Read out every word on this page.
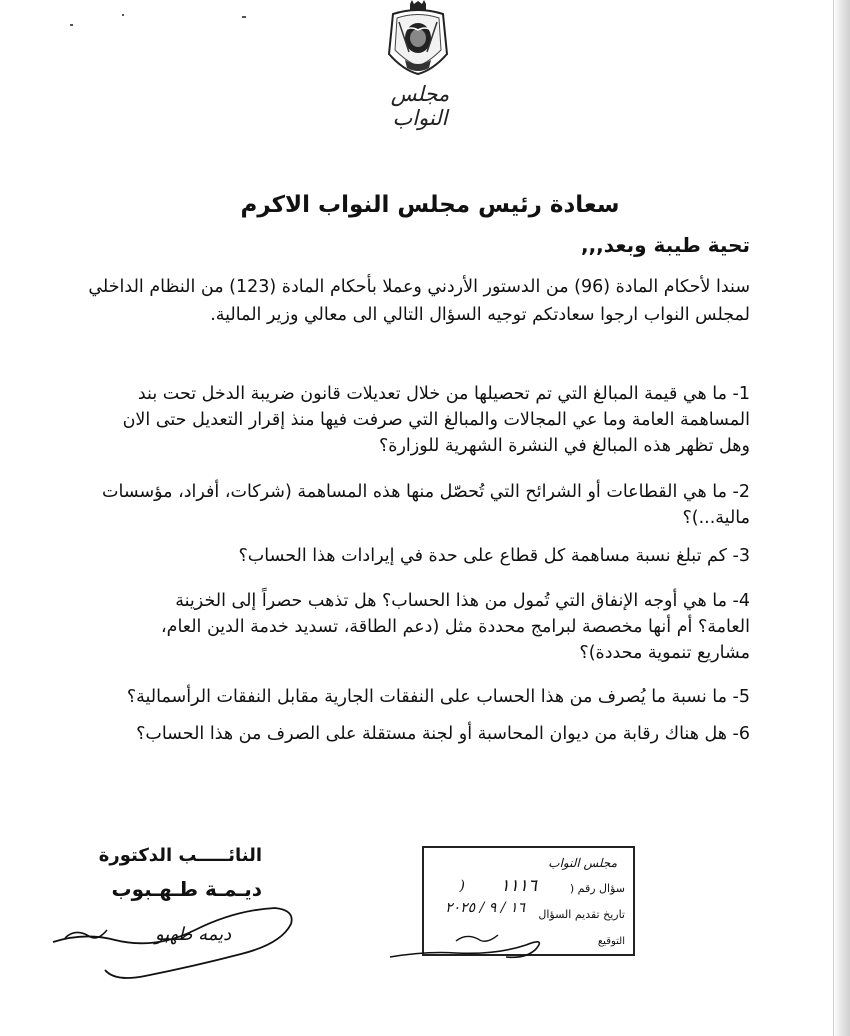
مجلس النواب
سعادة رئيس مجلس النواب الاكرم
تحية طيبة وبعد,,,
سندا لأحكام المادة (96) من الدستور الأردني وعملا بأحكام المادة (123) من النظام الداخلي
لمجلس النواب ارجوا سعادتكم توجيه السؤال التالي الى معالي وزير المالية.
1- ما هي قيمة المبالغ التي تم تحصيلها من خلال تعديلات قانون ضريبة الدخل تحت بند
المساهمة العامة وما عي المجالات والمبالغ التي صرفت فيها منذ إقرار التعديل حتى الان
وهل تظهر هذه المبالغ في النشرة الشهرية للوزارة؟
2- ما هي القطاعات أو الشرائح التي تُحصّل منها هذه المساهمة (شركات، أفراد، مؤسسات
مالية...)؟
3- كم تبلغ نسبة مساهمة كل قطاع على حدة في إيرادات هذا الحساب؟
4- ما هي أوجه الإنفاق التي تُمول من هذا الحساب؟ هل تذهب حصراً إلى الخزينة
العامة؟ أم أنها مخصصة لبرامج محددة مثل (دعم الطاقة، تسديد خدمة الدين العام،
مشاريع تنموية محددة)؟
5- ما نسبة ما يُصرف من هذا الحساب على النفقات الجارية مقابل النفقات الرأسمالية؟
6- هل هناك رقابة من ديوان المحاسبة أو لجنة مستقلة على الصرف من هذا الحساب؟
النائـــــب الدكتورة
ديـمـة طـهـبوب
ديمه طهبو
مجلس النواب
سؤال رقم (
١١١٦
)
تاريخ تقديم السؤال
١٦ / ٩ / ٢٠٢٥
التوقيع
